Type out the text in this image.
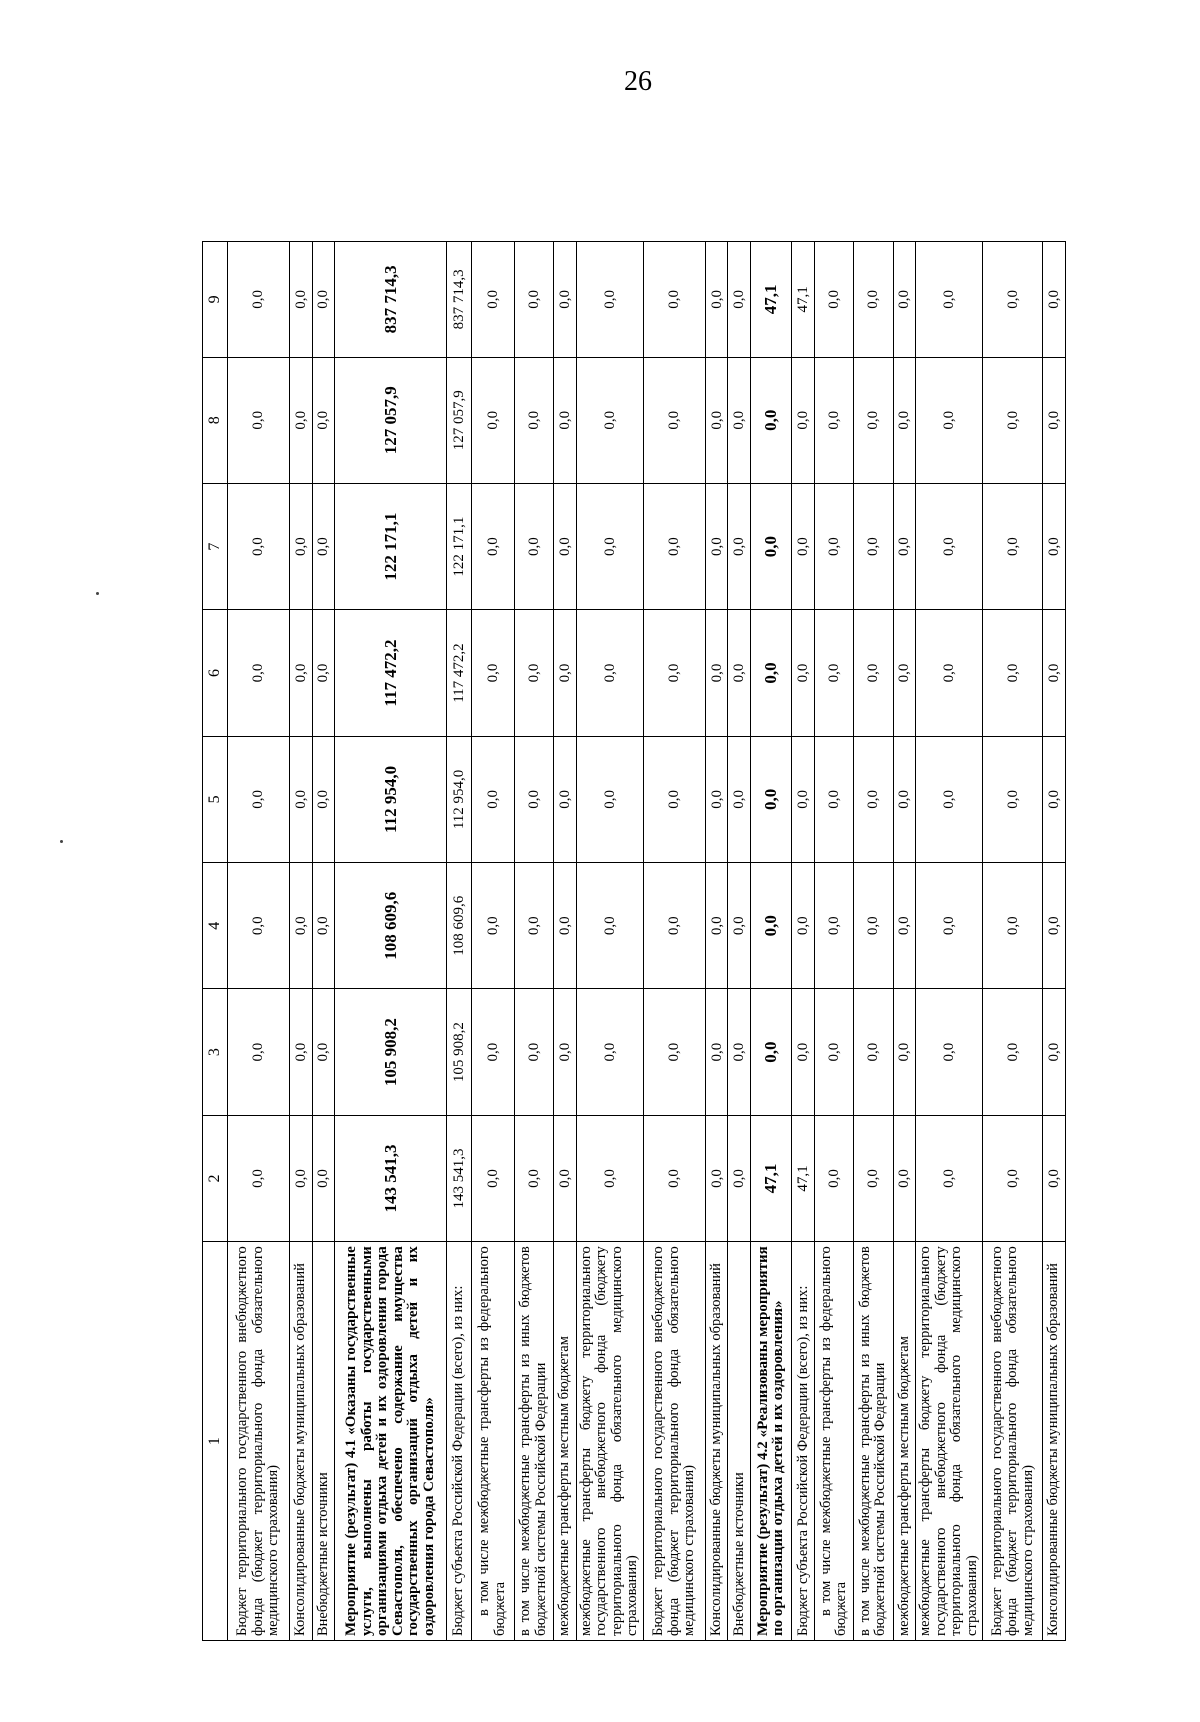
26
1	2	3	4	5	6	7	8	9
Бюджет территориального государственного внебюджетного фонда (бюджет территориального фонда обязательного медицинского страхования)	0,0	0,0	0,0	0,0	0,0	0,0	0,0	0,0
Консолидированные бюджеты муниципальных образований	0,0	0,0	0,0	0,0	0,0	0,0	0,0	0,0
Внебюджетные источники	0,0	0,0	0,0	0,0	0,0	0,0	0,0	0,0
Мероприятие (результат) 4.1 «Оказаны государственные услуги, выполнены работы государственными организациями отдыха детей и их оздоровления города Севастополя, обеспечено содержание имущества государственных организаций отдыха детей и их оздоровления города Севастополя»	143 541,3	105 908,2	108 609,6	112 954,0	117 472,2	122 171,1	127 057,9	837 714,3
Бюджет субъекта Российской Федерации (всего), из них:	143 541,3	105 908,2	108 609,6	112 954,0	117 472,2	122 171,1	127 057,9	837 714,3
в том числе межбюджетные трансферты из федерального бюджета	0,0	0,0	0,0	0,0	0,0	0,0	0,0	0,0
в том числе межбюджетные трансферты из иных бюджетов бюджетной системы Российской Федерации	0,0	0,0	0,0	0,0	0,0	0,0	0,0	0,0
межбюджетные трансферты местным бюджетам	0,0	0,0	0,0	0,0	0,0	0,0	0,0	0,0
межбюджетные трансферты бюджету территориального государственного внебюджетного фонда (бюджету территориального фонда обязательного медицинского страхования)	0,0	0,0	0,0	0,0	0,0	0,0	0,0	0,0
Бюджет территориального государственного внебюджетного фонда (бюджет территориального фонда обязательного медицинского страхования)	0,0	0,0	0,0	0,0	0,0	0,0	0,0	0,0
Консолидированные бюджеты муниципальных образований	0,0	0,0	0,0	0,0	0,0	0,0	0,0	0,0
Внебюджетные источники	0,0	0,0	0,0	0,0	0,0	0,0	0,0	0,0
Мероприятие (результат) 4.2 «Реализованы мероприятия по организации отдыха детей и их оздоровления»	47,1	0,0	0,0	0,0	0,0	0,0	0,0	47,1
Бюджет субъекта Российской Федерации (всего), из них:	47,1	0,0	0,0	0,0	0,0	0,0	0,0	47,1
в том числе межбюджетные трансферты из федерального бюджета	0,0	0,0	0,0	0,0	0,0	0,0	0,0	0,0
в том числе межбюджетные трансферты из иных бюджетов бюджетной системы Российской Федерации	0,0	0,0	0,0	0,0	0,0	0,0	0,0	0,0
межбюджетные трансферты местным бюджетам	0,0	0,0	0,0	0,0	0,0	0,0	0,0	0,0
межбюджетные трансферты бюджету территориального государственного внебюджетного фонда (бюджету территориального фонда обязательного медицинского страхования)	0,0	0,0	0,0	0,0	0,0	0,0	0,0	0,0
Бюджет территориального государственного внебюджетного фонда (бюджет территориального фонда обязательного медицинского страхования)	0,0	0,0	0,0	0,0	0,0	0,0	0,0	0,0
Консолидированные бюджеты муниципальных образований	0,0	0,0	0,0	0,0	0,0	0,0	0,0	0,0
